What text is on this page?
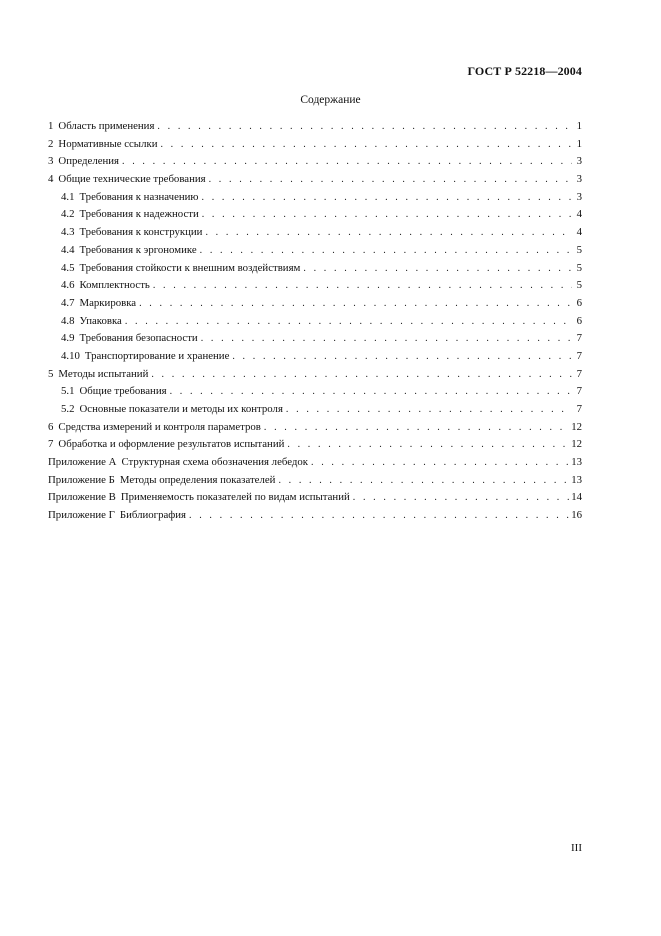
ГОСТ Р 52218—2004
Содержание
1 Область применения . . .	1
2 Нормативные ссылки . . .	1
3 Определения . . .	3
4 Общие технические требования . . .	3
4.1 Требования к назначению . . .	3
4.2 Требования к надежности . . .	4
4.3 Требования к конструкции . . .	4
4.4 Требования к эргономике . . .	5
4.5 Требования стойкости к внешним воздействиям . . .	5
4.6 Комплектность . . .	5
4.7 Маркировка . . .	6
4.8 Упаковка . . .	6
4.9 Требования безопасности . . .	7
4.10 Транспортирование и хранение . . .	7
5 Методы испытаний . . .	7
5.1 Общие требования . . .	7
5.2 Основные показатели и методы их контроля . . .	7
6 Средства измерений и контроля параметров . . .	12
7 Обработка и оформление результатов испытаний . . .	12
Приложение А Структурная схема обозначения лебедок . . .	13
Приложение Б Методы определения показателей . . .	13
Приложение В Применяемость показателей по видам испытаний . . .	14
Приложение Г Библиография . . .	16
III
